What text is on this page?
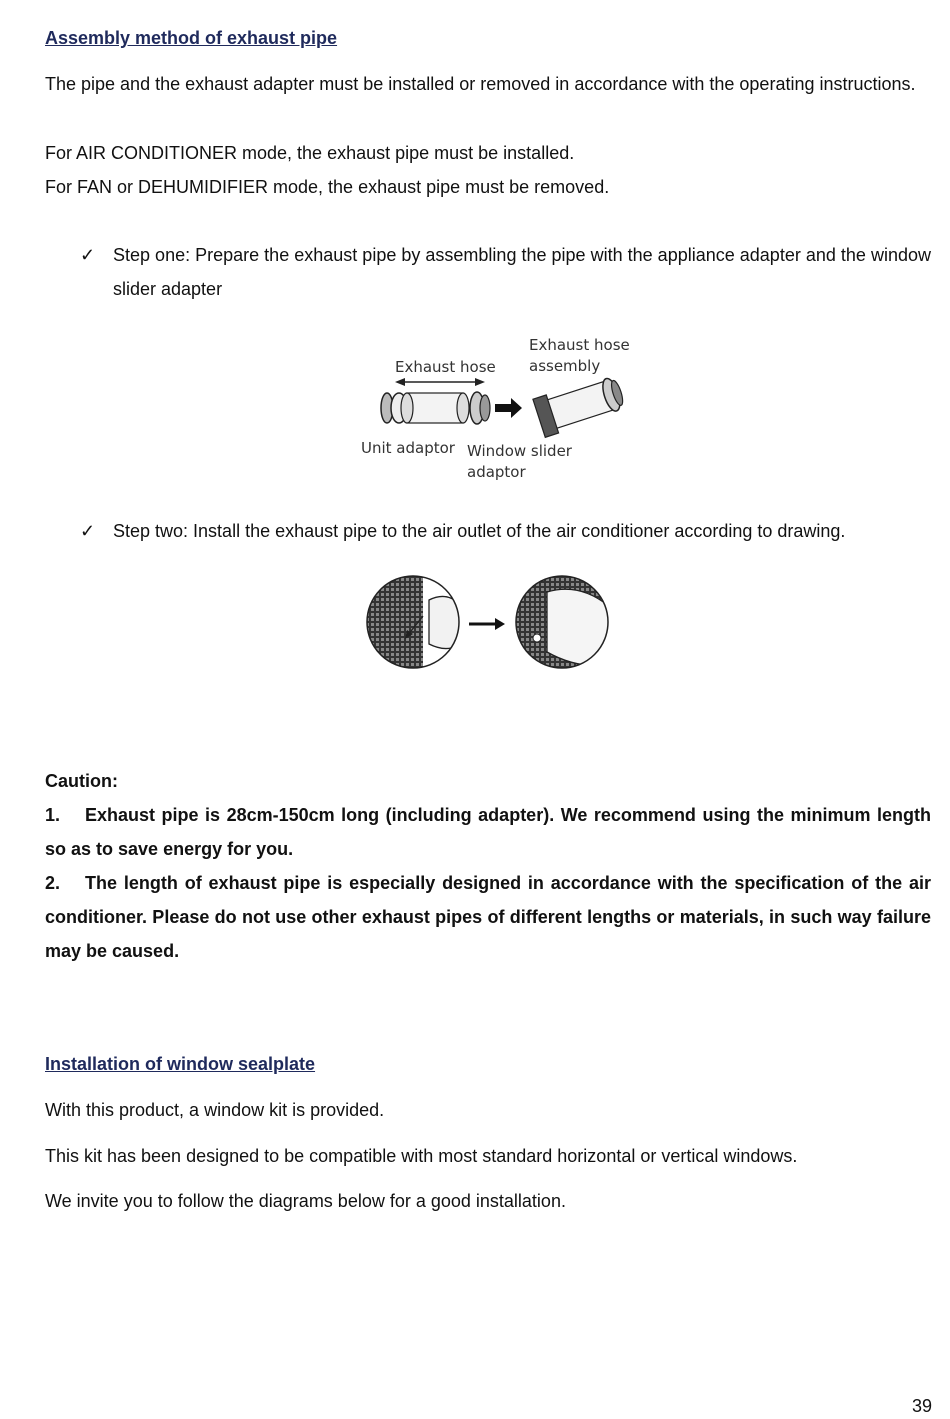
Assembly method of exhaust pipe
The pipe and the exhaust adapter must be installed or removed in accordance with the operating instructions.
For AIR CONDITIONER mode, the exhaust pipe must be installed.
For FAN or DEHUMIDIFIER mode, the exhaust pipe must be removed.
✓ Step one: Prepare the exhaust pipe by assembling the pipe with the appliance adapter and the window slider adapter
Exhaust hose
Exhaust hose
assembly
Unit adaptor Window slider
adaptor
✓ Step two: Install the exhaust pipe to the air outlet of the air conditioner according to drawing.
Caution:
1. Exhaust pipe is 28cm-150cm long (including adapter). We recommend using the minimum length so as to save energy for you.
2. The length of exhaust pipe is especially designed in accordance with the specification of the air conditioner. Please do not use other exhaust pipes of different lengths or materials, in such way failure may be caused.
Installation of window sealplate
With this product, a window kit is provided.
This kit has been designed to be compatible with most standard horizontal or vertical windows.
We invite you to follow the diagrams below for a good installation.
39
